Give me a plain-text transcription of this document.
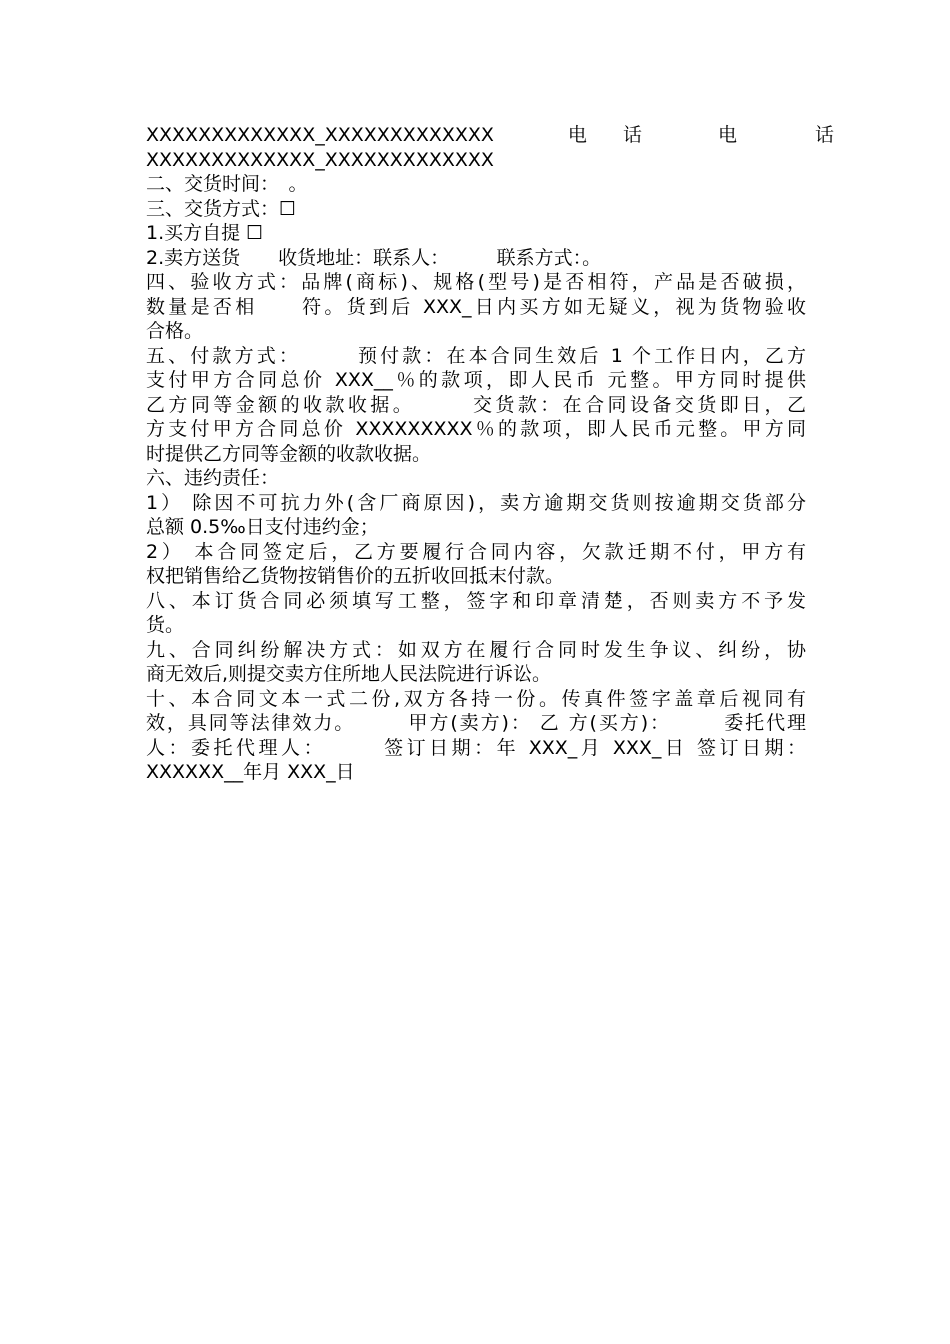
XXXXXXXXXXXXX_XXXXXXXXXXXXX	电 话	电	话
XXXXXXXXXXXXX_XXXXXXXXXXXXX
二、交货时间：　。
三、交货方式：☐
1.买方自提 ☐
2.卖方送货　　收货地址：联系人：　　　联系方式：。
四、验收方式：品牌(商标)、规格(型号)是否相符，产品是否破损，
数量是否相　　符。货到后 XXX_日内买方如无疑义，视为货物验收
合格。
五、付款方式：　　　预付款：在本合同生效后 1 个工作日内，乙方
支付甲方合同总价 XXX__％的款项，即人民币 元整。甲方同时提供
乙方同等金额的收款收据。　　　交货款：在合同设备交货即日，乙
方支付甲方合同总价 XXXXXXXXX％的款项，即人民币元整。甲方同
时提供乙方同等金额的收款收据。
六、违约责任：
1） 除因不可抗力外(含厂商原因)，卖方逾期交货则按逾期交货部分
总额 0.5‰日支付违约金；
2） 本合同签定后，乙方要履行合同内容，欠款迁期不付，甲方有
权把销售给乙货物按销售价的五折收回抵末付款。
八、本订货合同必须填写工整，签字和印章清楚，否则卖方不予发
货。
九、合同纠纷解决方式：如双方在履行合同时发生争议、纠纷，协
商无效后,则提交卖方住所地人民法院进行诉讼。
十、本合同文本一式二份,双方各持一份。传真件签字盖章后视同有
效，具同等法律效力。　　　甲方(卖方)： 乙 方(买方)：　　　委托代理
人：委托代理人：　　　签订日期：年 XXX_月 XXX_日 签订日期：
XXXXXX__年月 XXX_日
